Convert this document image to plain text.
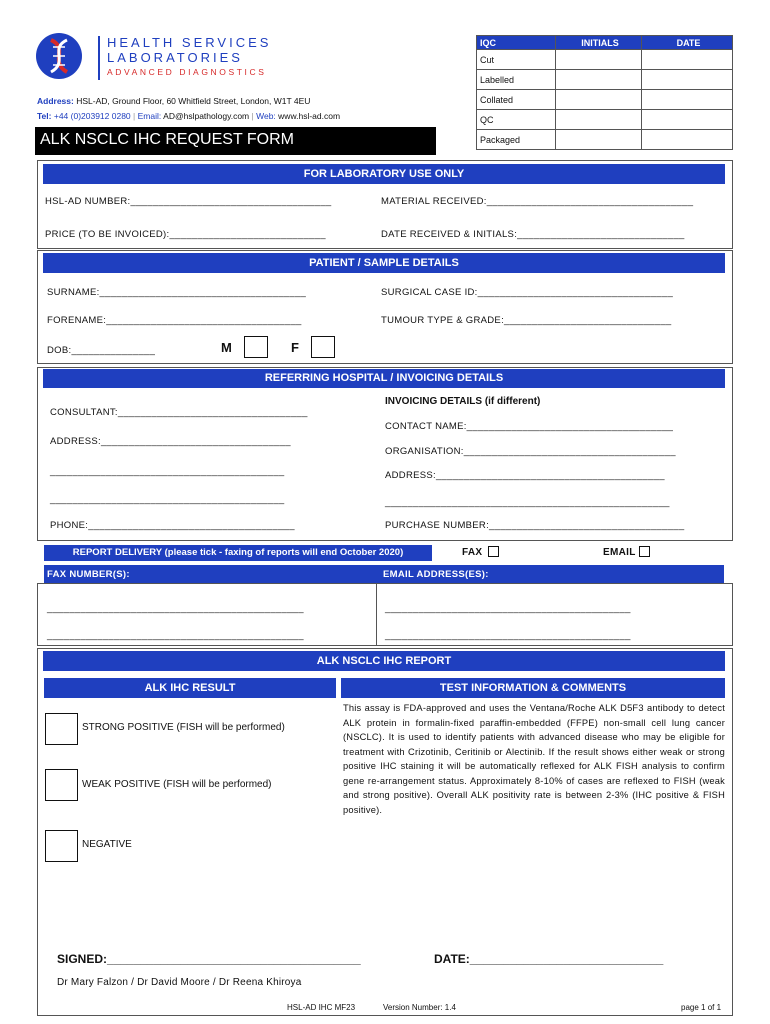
HEALTH SERVICES
LABORATORIES
ADVANCED DIAGNOSTICS
Address: HSL-AD, Ground Floor, 60 Whitfield Street, London, W1T 4EU
Tel: +44 (0)203912 0280 | Email: AD@hslpathology.com | Web: www.hsl-ad.com
ALK NSCLC IHC REQUEST FORM
IQC	INITIALS	DATE
Cut		
Labelled		
Collated		
QC		
Packaged		
FOR LABORATORY USE ONLY
HSL-AD NUMBER:____________________________________	MATERIAL RECEIVED:_____________________________________
PRICE (TO BE INVOICED):____________________________	DATE RECEIVED & INITIALS:______________________________
PATIENT / SAMPLE DETAILS
SURNAME:_____________________________________	SURGICAL CASE ID:___________________________________
FORENAME:___________________________________	TUMOUR TYPE & GRADE:______________________________
DOB:_______________	M	F
REFERRING HOSPITAL / INVOICING DETAILS
CONSULTANT:__________________________________
ADDRESS:__________________________________
__________________________________________
__________________________________________
PHONE:_____________________________________
INVOICING DETAILS (if different)
CONTACT NAME:_____________________________________
ORGANISATION:______________________________________
ADDRESS:_________________________________________
___________________________________________________
PURCHASE NUMBER:___________________________________
REPORT DELIVERY (please tick - faxing of reports will end October 2020)	FAX	EMAIL
FAX NUMBER(S):	EMAIL ADDRESS(ES):
______________________________________________
______________________________________________
____________________________________________
____________________________________________
ALK NSCLC IHC REPORT
ALK IHC RESULT	TEST INFORMATION & COMMENTS
STRONG POSITIVE (FISH will be performed)
WEAK POSITIVE (FISH will be performed)
NEGATIVE
This assay is FDA-approved and uses the Ventana/Roche ALK D5F3 antibody to detect ALK protein in formalin-fixed paraffin-embedded (FFPE) non-small cell lung cancer (NSCLC). It is used to identify patients with advanced disease who may be eligible for treatment with Crizotinib, Ceritinib or Alectinib. If the result shows either weak or strong positive IHC staining it will be automatically reflexed for ALK FISH analysis to confirm gene re-arrangement status. Approximately 8-10% of cases are reflexed to FISH (weak and strong positive). Overall ALK positivity rate is between 2-3% (IHC positive & FISH positive).
SIGNED:______________________________________	DATE:_____________________________
Dr Mary Falzon / Dr David Moore / Dr Reena Khiroya
HSL-AD IHC MF23	Version Number: 1.4	page 1 of 1
